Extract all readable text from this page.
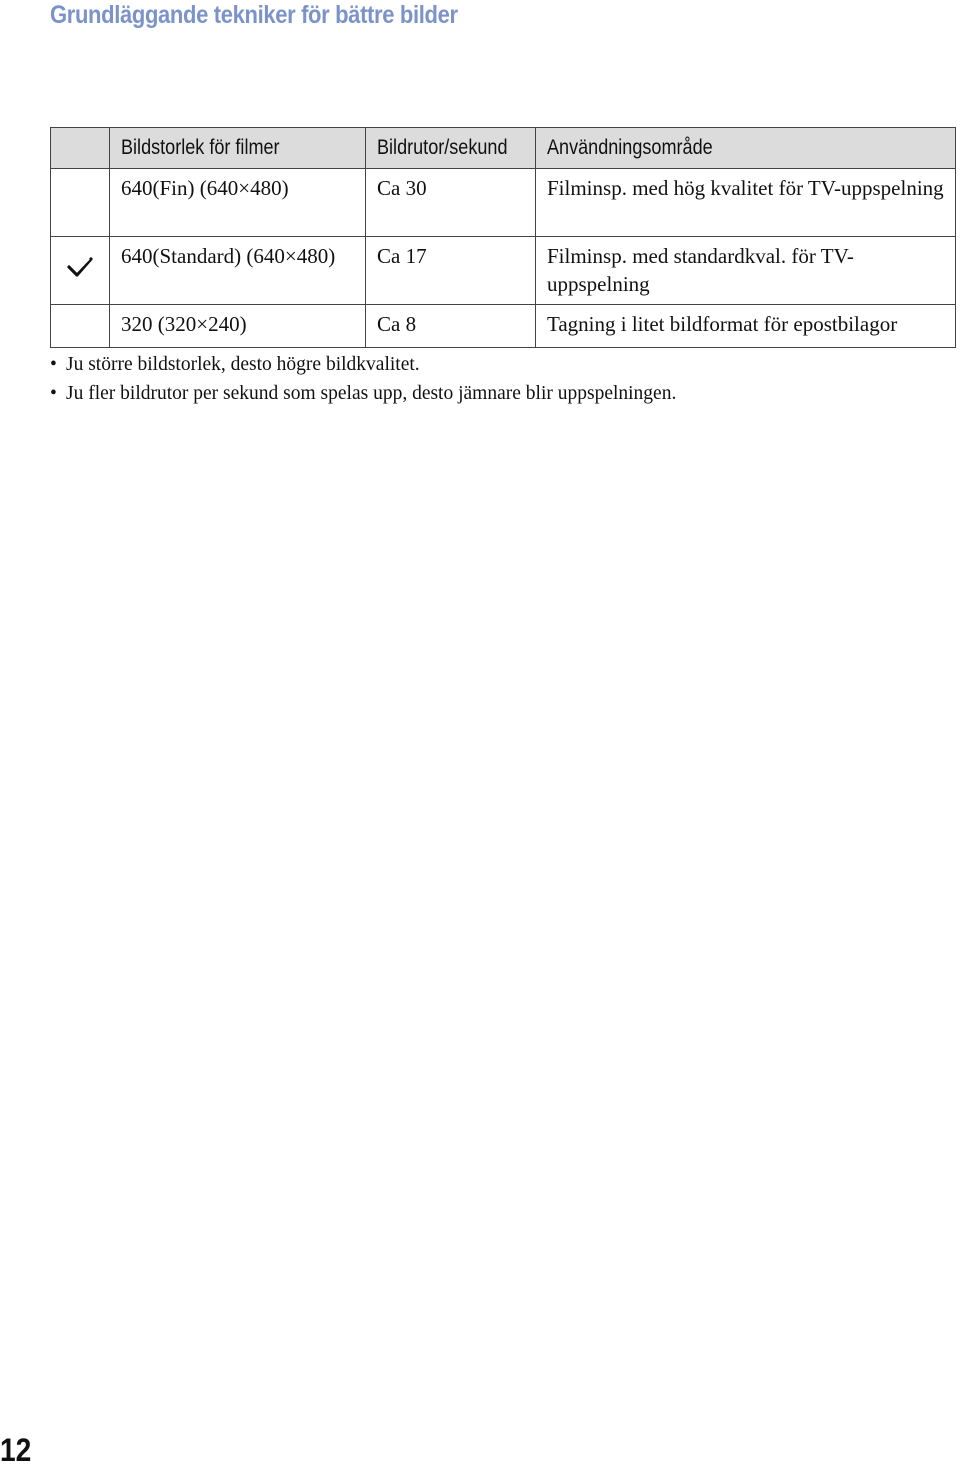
Grundläggande tekniker för bättre bilder
	Bildstorlek för filmer	Bildrutor/sekund	Användningsområde
	640(Fin) (640×480)	Ca 30	Filminsp. med hög kvalitet för TV-uppspelning
	640(Standard) (640×480)	Ca 17	Filminsp. med standardkval. för TV-uppspelning
	320 (320×240)	Ca 8	Tagning i litet bildformat för epostbilagor
• Ju större bildstorlek, desto högre bildkvalitet.
• Ju fler bildrutor per sekund som spelas upp, desto jämnare blir uppspelningen.
12
